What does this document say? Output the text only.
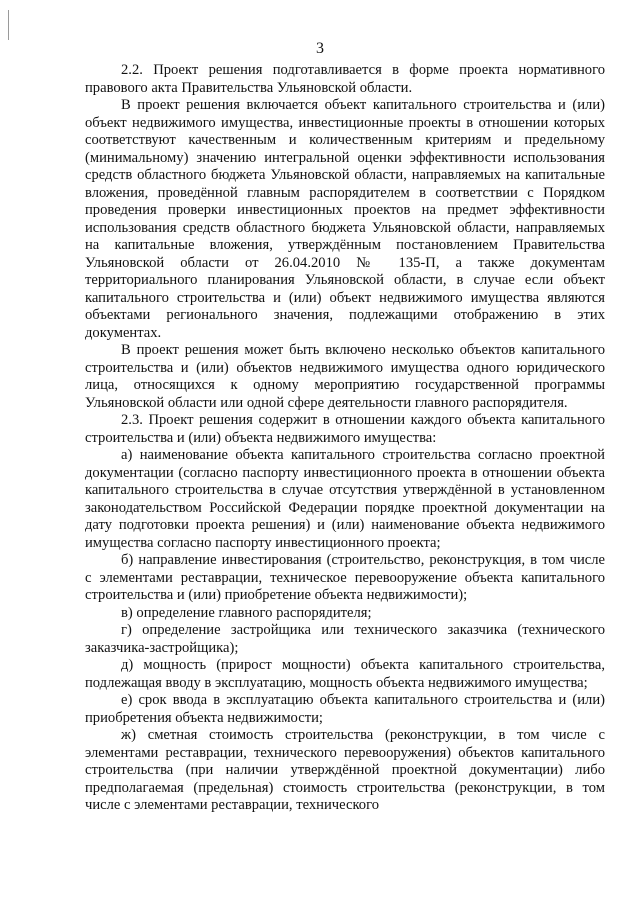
3

2.2. Проект решения подготавливается в форме проекта нормативного правового акта Правительства Ульяновской области.

В проект решения включается объект капитального строительства и (или) объект недвижимого имущества, инвестиционные проекты в отношении которых соответствуют качественным и количественным критериям и предельному (минимальному) значению интегральной оценки эффективности использования средств областного бюджета Ульяновской области, направляемых на капитальные вложения, проведённой главным распорядителем в соответствии с Порядком проведения проверки инвестиционных проектов на предмет эффективности использования средств областного бюджета Ульяновской области, направляемых на капитальные вложения, утверждённым постановлением Правительства Ульяновской области от 26.04.2010 № 135-П, а также документам территориального планирования Ульяновской области, в случае если объект капитального строительства и (или) объект недвижимого имущества являются объектами регионального значения, подлежащими отображению в этих документах.

В проект решения может быть включено несколько объектов капитального строительства и (или) объектов недвижимого имущества одного юридического лица, относящихся к одному мероприятию государственной программы Ульяновской области или одной сфере деятельности главного распорядителя.

2.3. Проект решения содержит в отношении каждого объекта капитального строительства и (или) объекта недвижимого имущества:

а) наименование объекта капитального строительства согласно проектной документации (согласно паспорту инвестиционного проекта в отношении объекта капитального строительства в случае отсутствия утверждённой в установленном законодательством Российской Федерации порядке проектной документации на дату подготовки проекта решения) и (или) наименование объекта недвижимого имущества согласно паспорту инвестиционного проекта;

б) направление инвестирования (строительство, реконструкция, в том числе с элементами реставрации, техническое перевооружение объекта капитального строительства и (или) приобретение объекта недвижимости);

в) определение главного распорядителя;

г) определение застройщика или технического заказчика (технического заказчика-застройщика);

д) мощность (прирост мощности) объекта капитального строительства, подлежащая вводу в эксплуатацию, мощность объекта недвижимого имущества;

е) срок ввода в эксплуатацию объекта капитального строительства и (или) приобретения объекта недвижимости;

ж) сметная стоимость строительства (реконструкции, в том числе с элементами реставрации, технического перевооружения) объектов капитального строительства (при наличии утверждённой проектной документации) либо предполагаемая (предельная) стоимость строительства (реконструкции, в том числе с элементами реставрации, технического
